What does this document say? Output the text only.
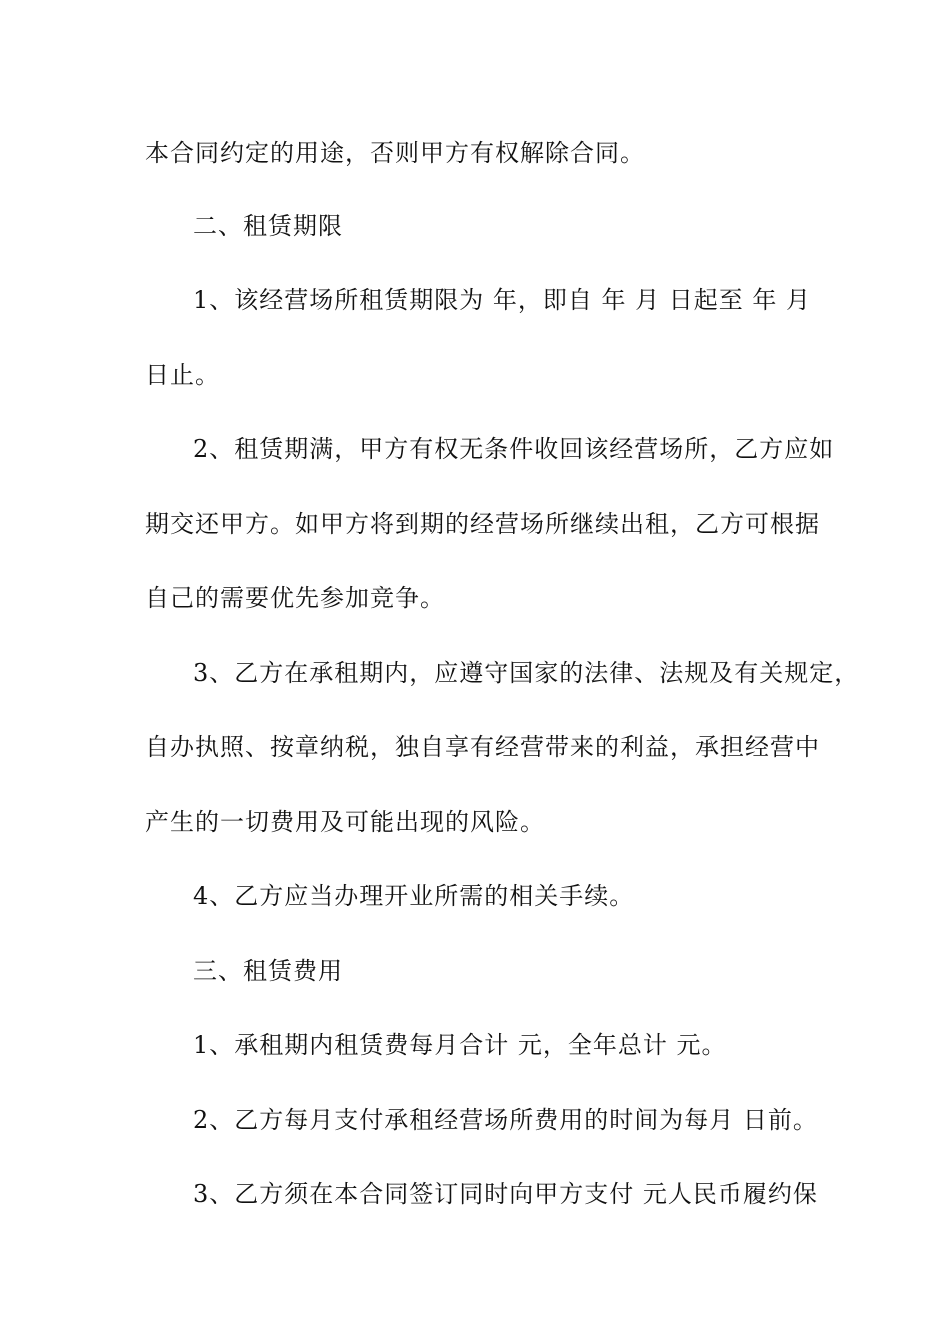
本合同约定的用途，否则甲方有权解除合同。
二、租赁期限
1、该经营场所租赁期限为 年，即自 年 月 日起至 年 月
日止。
2、租赁期满，甲方有权无条件收回该经营场所，乙方应如
期交还甲方。如甲方将到期的经营场所继续出租，乙方可根据
自己的需要优先参加竞争。
3、乙方在承租期内，应遵守国家的法律、法规及有关规定，
自办执照、按章纳税，独自享有经营带来的利益，承担经营中
产生的一切费用及可能出现的风险。
4、乙方应当办理开业所需的相关手续。
三、租赁费用
1、承租期内租赁费每月合计 元，全年总计 元。
2、乙方每月支付承租经营场所费用的时间为每月 日前。
3、乙方须在本合同签订同时向甲方支付 元人民币履约保
